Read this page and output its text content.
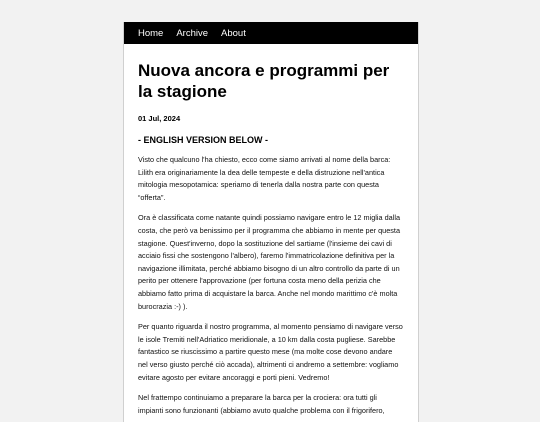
Home Archive About
Nuova ancora e programmi per la stagione

01 Jul, 2024

- ENGLISH VERSION BELOW -

Visto che qualcuno l'ha chiesto, ecco come siamo arrivati al nome della barca: Lilith era originariamente la dea delle tempeste e della distruzione nell'antica mitologia mesopotamica: speriamo di tenerla dalla nostra parte con questa “offerta”.

Ora è classificata come natante quindi possiamo navigare entro le 12 miglia dalla costa, che però va benissimo per il programma che abbiamo in mente per questa stagione. Quest'inverno, dopo la sostituzione del sartiame (l'insieme dei cavi di acciaio fissi che sostengono l'albero), faremo l'immatricolazione definitiva per la navigazione illimitata, perché abbiamo bisogno di un altro controllo da parte di un perito per ottenere l'approvazione (per fortuna costa meno della perizia che abbiamo fatto prima di acquistare la barca. Anche nel mondo marittimo c'è molta burocrazia :-) ).

Per quanto riguarda il nostro programma, al momento pensiamo di navigare verso le isole Tremiti nell'Adriatico meridionale, a 10 km dalla costa pugliese. Sarebbe fantastico se riuscissimo a partire questo mese (ma molte cose devono andare nel verso giusto perché ciò accada), altrimenti ci andremo a settembre: vogliamo evitare agosto per evitare ancoraggi e porti pieni. Vedremo!

Nel frattempo continuiamo a preparare la barca per la crociera: ora tutti gli impianti sono funzionanti (abbiamo avuto qualche problema con il frigorifero,
